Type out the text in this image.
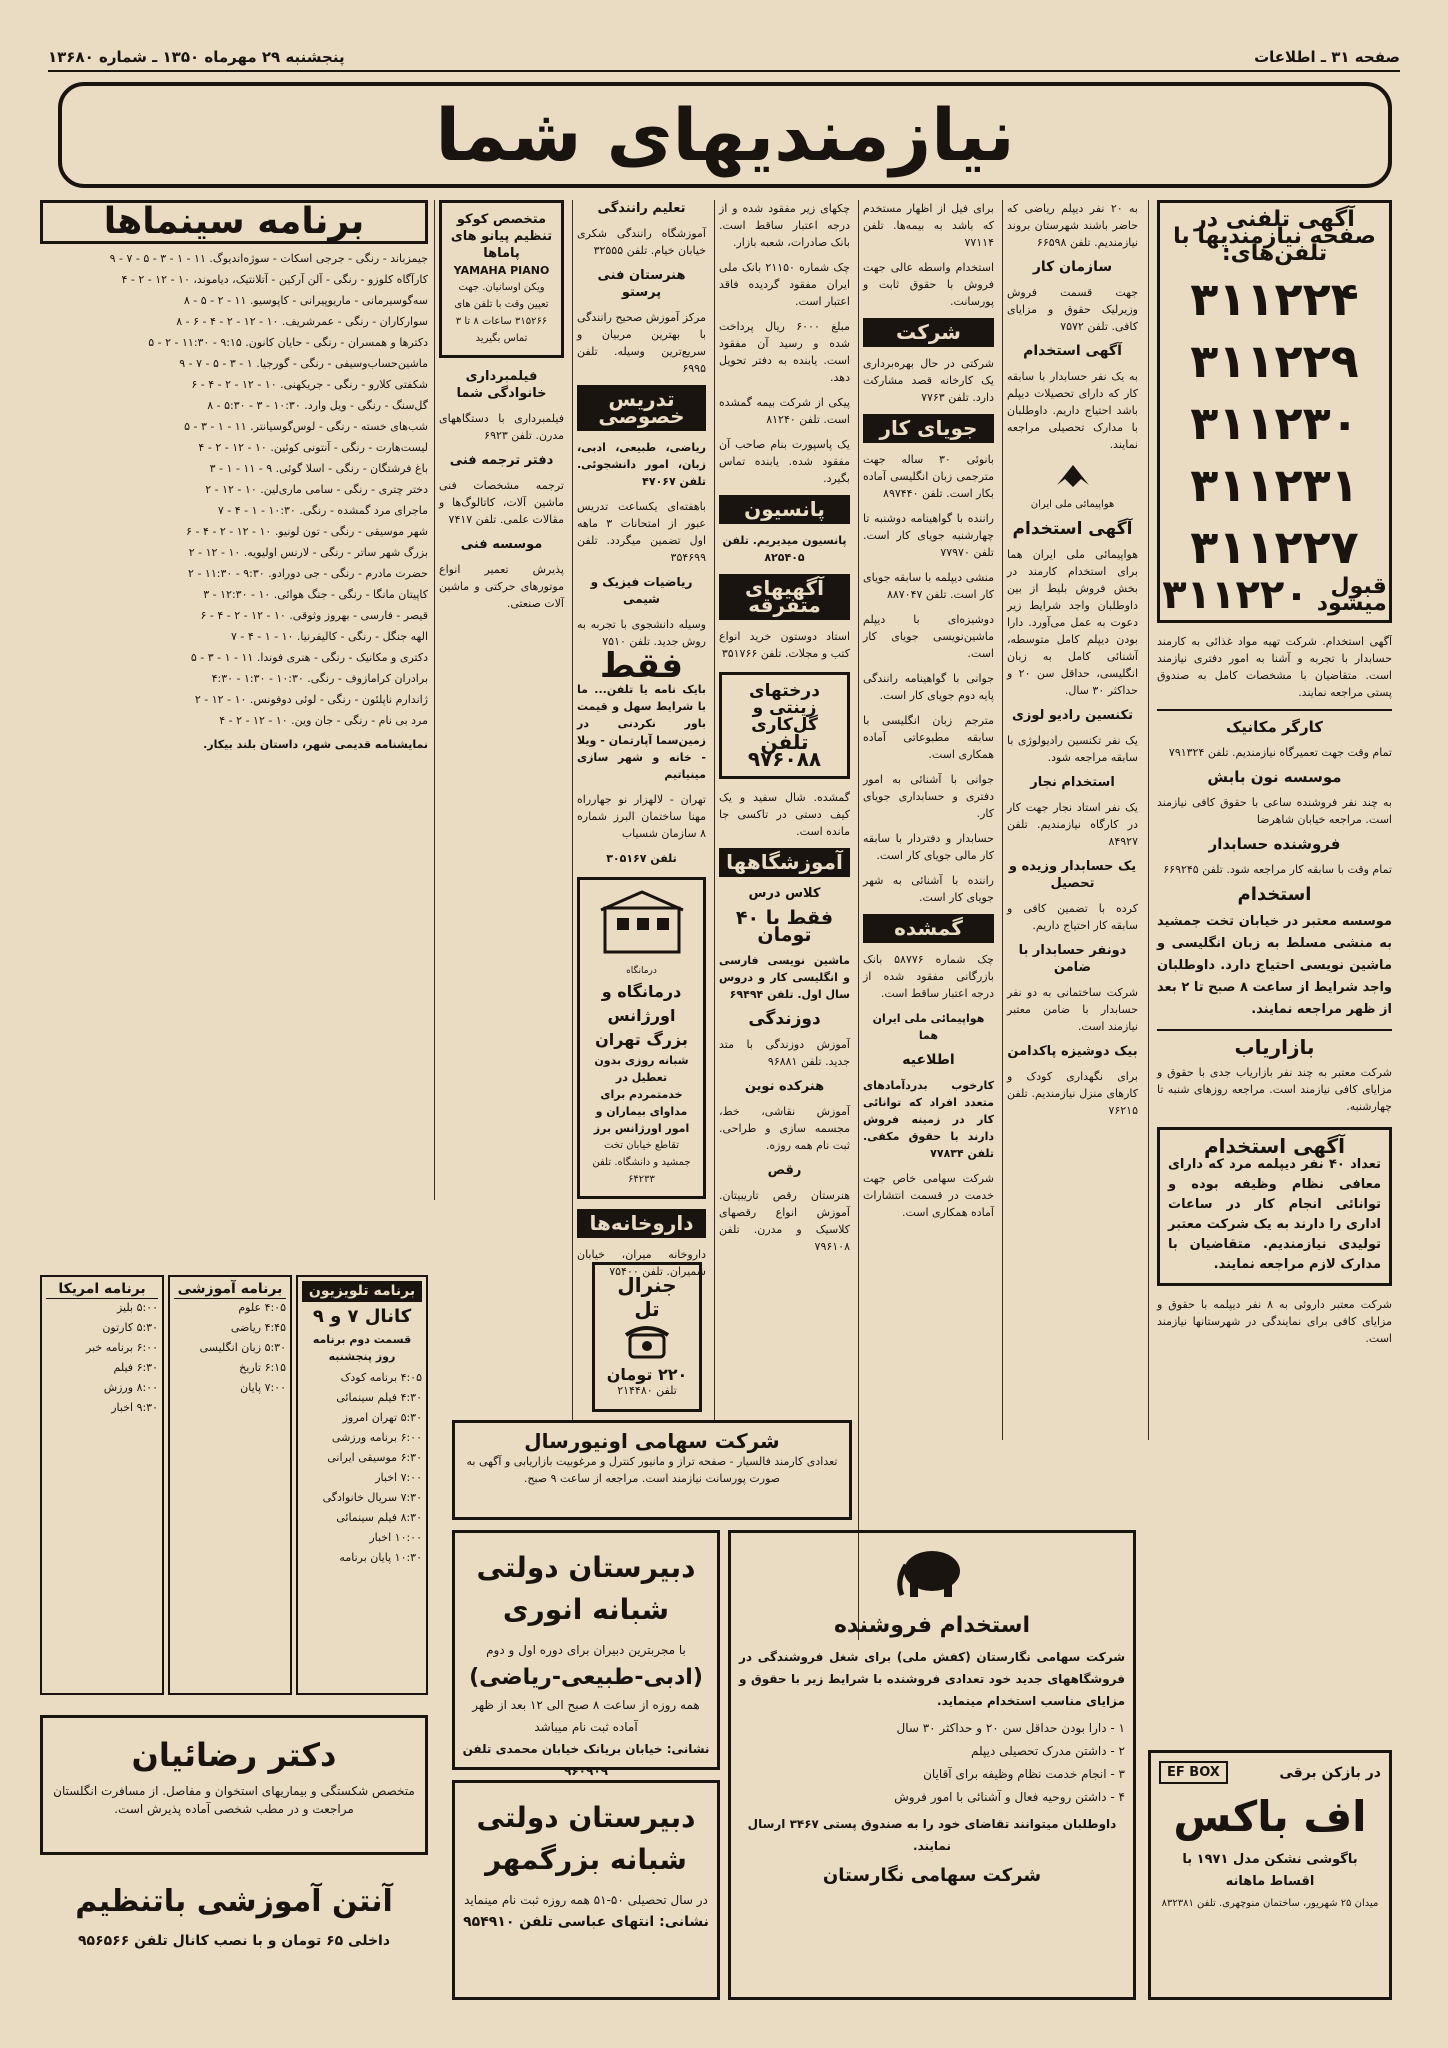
صفحه ۳۱ ـ اطلاعات
پنجشنبه ۲۹ مهرماه ۱۳۵۰ ـ شماره ۱۳۶۸۰
نیازمندیهای شما
آگهی تلفنی در صفحه نیازمندیها با تلفن‌های:
۳۱۱۲۲۴
۳۱۱۲۲۹
۳۱۱۲۳۰
۳۱۱۲۳۱
۳۱۱۲۲۷
قبول میشود
۳۱۱۲۲۰

آگهی استخدام. شرکت تهیه مواد غذائی به کارمند حسابدار با تجربه و آشنا به امور دفتری نیازمند است. متقاضیان با مشخصات کامل به صندوق پستی مراجعه نمایند.

کارگر مکانیک

تمام وقت جهت تعمیرگاه نیازمندیم. تلفن ۷۹۱۳۲۴

موسسه نون بابش

به چند نفر فروشنده ساعی با حقوق کافی نیازمند است. مراجعه خیابان شاهرضا

فروشنده حسابدار

تمام وقت با سابقه کار مراجعه شود. تلفن ۶۶۹۲۴۵

استخدام

موسسه معتبر در خیابان تخت جمشید به منشی مسلط به زبان انگلیسی و ماشین نویسی احتیاج دارد. داوطلبان واجد شرایط از ساعت ۸ صبح تا ۲ بعد از ظهر مراجعه نمایند.

بازاریاب

شرکت معتبر به چند نفر بازاریاب جدی با حقوق و مزایای کافی نیازمند است. مراجعه روزهای شنبه تا چهارشنبه.

آگهی استخدام
تعداد ۴۰ نفر دیپلمه مرد که دارای معافی نظام وظیفه بوده و توانائی انجام کار در ساعات اداری را دارند به یک شرکت معتبر تولیدی نیازمندیم. متقاضیان با مدارک لازم مراجعه نمایند.

شرکت معتبر داروئی به ۸ نفر دیپلمه با حقوق و مزایای کافی برای نمایندگی در شهرستانها نیازمند است.

به ۲۰ نفر دیپلم ریاضی که حاضر باشند شهرستان بروند نیازمندیم. تلفن ۶۶۵۹۸

سازمان کار

جهت قسمت فروش وزیرلیک حقوق و مزایای کافی. تلفن ۷۵۷۲

آگهی استخدام

به یک نفر حسابدار با سابقه کار که دارای تحصیلات دیپلم باشد احتیاج داریم. داوطلبان با مدارک تحصیلی مراجعه نمایند.

هواپیمائی ملی ایران

آگهی استخدام

هواپیمائی ملی ایران هما برای استخدام کارمند در بخش فروش بلیط از بین داوطلبان واجد شرایط زیر دعوت به عمل می‌آورد. دارا بودن دیپلم کامل متوسطه، آشنائی کامل به زبان انگلیسی، حداقل سن ۲۰ و حداکثر ۳۰ سال.

تکنسین رادیو لوزی

یک نفر تکنسین رادیولوژی با سابقه مراجعه شود.

استخدام نجار

یک نفر استاد نجار جهت کار در کارگاه نیازمندیم. تلفن ۸۴۹۲۷

یک حسابدار وزیده و تحصیل

کرده با تضمین کافی و سابقه کار احتیاج داریم.

دونفر حسابدار با ضامن

شرکت ساختمانی به دو نفر حسابدار با ضامن معتبر نیازمند است.

بیک دوشیزه پاکدامن

برای نگهداری کودک و کارهای منزل نیازمندیم. تلفن ۷۶۲۱۵

برای فیل از اظهار مستخدم که باشد به بیمه‌ها. تلفن ۷۷۱۱۴

استخدام واسطه عالی جهت فروش با حقوق ثابت و پورسانت.

شرکت

شرکتی در حال بهره‌برداری یک کارخانه قصد مشارکت دارد. تلفن ۷۷۶۳

جویای کار

بانوئی ۳۰ ساله جهت مترجمی زبان انگلیسی آماده بکار است. تلفن ۸۹۷۴۴۰

راننده با گواهینامه دوشنبه تا چهارشنبه جویای کار است. تلفن ۷۷۹۷۰

منشی دیپلمه با سابقه جویای کار است. تلفن ۸۸۷۰۴۷

دوشیزه‌ای با دیپلم ماشین‌نویسی جویای کار است.

جوانی با گواهینامه رانندگی پایه دوم جویای کار است.

مترجم زبان انگلیسی با سابقه مطبوعاتی آماده همکاری است.

جوانی با آشنائی به امور دفتری و حسابداری جویای کار.

حسابدار و دفتردار با سابقه کار مالی جویای کار است.

راننده با آشنائی به شهر جویای کار است.

گمشده

چک شماره ۵۸۷۷۶ بانک بازرگانی مفقود شده از درجه اعتبار ساقط است.

هواپیمائی ملی ایران هما

اطلاعیه

کارخوب بدردآمادهای متعدد افراد که توانائی کار در زمینه فروش دارند با حقوق مکفی. تلفن ۷۷۸۳۴

شرکت سهامی خاص جهت خدمت در قسمت انتشارات آماده همکاری است.

چکهای زیر مفقود شده و از درجه اعتبار ساقط است. بانک صادرات، شعبه بازار.

چک شماره ۲۱۱۵۰ بانک ملی ایران مفقود گردیده فاقد اعتبار است.

مبلغ ۶۰۰۰ ریال پرداخت شده و رسید آن مفقود است. یابنده به دفتر تحویل دهد.

پیکی از شرکت بیمه گمشده است. تلفن ۸۱۲۴۰

یک پاسپورت بنام صاحب آن مفقود شده. یابنده تماس بگیرد.

پانسیون

پانسیون میدیریم. تلفن ۸۲۵۴۰۵

آگهیهای متفرقه

استاد دوستون خرید انواع کتب و مجلات. تلفن ۳۵۱۷۶۶

درختهای زینتی و گل‌کاری
تلفن ۹۷۶۰۸۸

گمشده. شال سفید و یک کیف دستی در تاکسی جا مانده است.

آموزشگاهها

کلاس درس

فقط با ۴۰ تومان

ماشین نویسی فارسی و انگلیسی کار و دروس سال اول. تلفن ۶۹۴۹۴

دوزندگی

آموزش دوزندگی با متد جدید. تلفن ۹۶۸۸۱

هنرکده نوین

آموزش نقاشی، خط، مجسمه سازی و طراحی. ثبت نام همه روزه.

رقص

هنرستان رقص تاریبیتان. آموزش انواع رقصهای کلاسیک و مدرن. تلفن ۷۹۶۱۰۸

تعلیم رانندگی

آموزشگاه رانندگی شکری خیابان خیام. تلفن ۳۲۵۵۵

هنرستان فنی پرستو

مرکز آموزش صحیح رانندگی با بهترین مربیان و سریع‌ترین وسیله. تلفن ۶۹۹۵

تدریس خصوصی

ریاضی، طبیعی، ادبی، زبان، امور دانشجوئی. تلفن ۴۷۰۶۷

با‌هفته‌ای یکساعت تدریس عبور از امتحانات ۳ ماهه اول تضمین میگردد. تلفن ۳۵۴۶۹۹

ریاضیات فیزیک و شیمی

وسیله دانشجوی با تجربه به روش جدید. تلفن ۷۵۱۰

فقط

بایک نامه یا تلفن... ما با شرایط سهل و قیمت باور نکردنی در زمین‌سما آپارتمان - ویلا - خانه و شهر سازی مینیاتیم

تهران - لالهزار نو جهارراه مهنا ساختمان البرز شماره ۸ سازمان شسیاب

تلفن ۳۰۵۱۶۷

درمانگاه
درمانگاه و اورژانس بزرگ تهران
شبانه روزی بدون تعطیل در خدمتمردم برای مداوای بیماران و امور اورژانس برز
تقاطع خیابان تخت جمشید و دانشگاه. تلفن ۶۴۲۳۳
داروخانه‌ها

داروخانه میران، خیابان شمیران. تلفن ۷۵۴۰۰

جنرال تل
۲۲۰ تومان
تلفن ۲۱۴۴۸۰
متخصص کوکو تنظیم پیانو های پاماها
YAMAHA PIANO
ویکن اوسانیان. جهت تعیین وقت با تلفن های ۳۱۵۲۶۶ ساعات ۸ تا ۳ تماس بگیرید

فیلمبرداری خانوادگی شما

فیلمبرداری با دستگاههای مدرن. تلفن ۶۹۲۳

دفتر ترجمه فنی

ترجمه مشخصات فنی ماشین آلات، کاتالوگ‌ها و مقالات علمی. تلفن ۷۴۱۷

موسسه فنی

پذیرش تعمیر انواع موتورهای حرکتی و ماشین آلات صنعتی.

برنامه سینماها
جیمزباند - رنگی - جرجی اسکات - سوژه‌اندیوگ. ۱۱ - ۱ - ۳ - ۵ - ۷ - ۹
کارآگاه کلوزو - رنگی - آلن آرکین - آتلانتیک، دیاموند، ۱۰ - ۱۲ - ۲ - ۴
سه‌گوسیرمانی - ماریوپیرانی - کاپوسیو. ۱۱ - ۲ - ۵ - ۸
سوارکاران - رنگی - عمرشریف. ۱۰ - ۱۲ - ۲ - ۴ - ۶ - ۸
دکترها و همسران - رنگی - حایان کانون. ۹:۱۵ - ۱۱:۳۰ - ۲ - ۵
ماشین‌حساب‌وسیفی - رنگی - گورجیا. ۱ - ۳ - ۵ - ۷ - ۹
شکفتی کلارو - رنگی - جریکهنی. ۱۰ - ۱۲ - ۲ - ۴ - ۶
گل‌سنگ - رنگی - ویل وارد. ۱۰:۳۰ - ۳ - ۵:۳۰ - ۸
شب‌های خسته - رنگی - لوس‌گوسیانتر. ۱۱ - ۱ - ۳ - ۵
لیست‌هارت - رنگی - آنتونی کوئین. ۱۰ - ۱۲ - ۲ - ۴
باغ فرشتگان - رنگی - اسلا گوئی. ۹ - ۱۱ - ۱ - ۳
دختر چتری - رنگی - سامی ماری‌لین. ۱۰ - ۱۲ - ۲
ماجرای مرد گمشده - رنگی. ۱۰:۳۰ - ۱ - ۴ - ۷
شهر موسیقی - رنگی - تون لونیو. ۱۰ - ۱۲ - ۲ - ۴ - ۶
بزرگ شهر ساتر - رنگی - لارنس اولیویه. ۱۰ - ۱۲ - ۲
حضرت مادرم - رنگی - جی دورادو. ۹:۳۰ - ۱۱:۳۰ - ۲
کاپیتان مانگا - رنگی - جنگ هوائی. ۱۰ - ۱۲:۳۰ - ۳
قیصر - فارسی - بهروز وثوقی. ۱۰ - ۱۲ - ۲ - ۴ - ۶
الهه جنگل - رنگی - کالیفرنیا. ۱۰ - ۱ - ۴ - ۷
دکتری و مکانیک - رنگی - هنری فوندا. ۱۱ - ۱ - ۳ - ۵
برادران کرامازوف - رنگی. ۱۰:۳۰ - ۱:۳۰ - ۴:۳۰
ژاندارم ناپلئون - رنگی - لوئی دوفونس. ۱۰ - ۱۲ - ۲
مرد بی نام - رنگی - جان وین. ۱۰ - ۱۲ - ۲ - ۴

نمایشنامه قدیمی شهر، داستان بلند بیکار.

برنامه تلویزیون
کانال ۷ و ۹
قسمت دوم برنامه روز پنجشنبه
۴:۰۵ برنامه کودک
۴:۳۰ فیلم سینمائی
۵:۳۰ تهران امروز
۶:۰۰ برنامه ورزشی
۶:۳۰ موسیقی ایرانی
۷:۰۰ اخبار
۷:۳۰ سریال خانوادگی
۸:۳۰ فیلم سینمائی
۱۰:۰۰ اخبار
۱۰:۳۰ پایان برنامه
برنامه آموزشی
۴:۰۵ علوم
۴:۴۵ ریاضی
۵:۳۰ زبان انگلیسی
۶:۱۵ تاریخ
۷:۰۰ پایان
برنامه امریکا
۵:۰۰ بلیز
۵:۳۰ کارتون
۶:۰۰ برنامه خبر
۶:۳۰ فیلم
۸:۰۰ ورزش
۹:۳۰ اخبار
دکتر رضائیان
متخصص شکستگی و بیماریهای استخوان و مفاصل. از مسافرت انگلستان مراجعت و در مطب شخصی آماده پذیرش است.
آنتن آموزشی باتنظیم
داخلی ۶۵ تومان و با نصب کانال تلفن ۹۵۶۵۶۶
شرکت سهامی اونیورسال
تعدادی کارمند فالسیار - صفحه تراز و مانیور کنترل و مرغوبیت بازاریابی و آگهی به صورت پورسانت نیازمند است. مراجعه از ساعت ۹ صبح.
دبیرستان دولتی شبانه انوری
با مجربترین دبیران برای دوره اول و دوم
(ادبی-طبیعی-ریاضی)
همه روزه از ساعت ۸ صبح الی ۱۲ بعد از ظهر آماده ثبت نام میباشد
نشانی: خیابان بریانک خیابان محمدی تلفن ۹۶۰۹۰۹
دبیرستان دولتی شبانه بزرگمهر
در سال تحصیلی ۵۰-۵۱ همه روزه ثبت نام مینماید
نشانی: انتهای عباسی تلفن ۹۵۴۹۱۰
استخدام فروشنده
شرکت سهامی نگارستان (کفش ملی) برای شغل فروشندگی در فروشگاههای جدید خود تعدادی فروشنده با شرایط زیر با حقوق و مزایای مناسب استخدام مینماید.
۱ - دارا بودن حداقل سن ۲۰ و حداکثر ۳۰ سال
۲ - داشتن مدرک تحصیلی دیپلم
۳ - انجام خدمت نظام وظیفه برای آقایان
۴ - داشتن روحیه فعال و آشنائی با امور فروش
داوطلبان میتوانند تقاضای خود را به صندوق پستی ۳۴۶۷ ارسال نمایند.
شرکت سهامی نگارستان
در بازکن برقی
EF BOX
اف باکس
باگوشی نشکن مدل ۱۹۷۱ با اقساط ماهانه
میدان ۲۵ شهریور، ساختمان منوچهری. تلفن ۸۳۲۳۸۱
